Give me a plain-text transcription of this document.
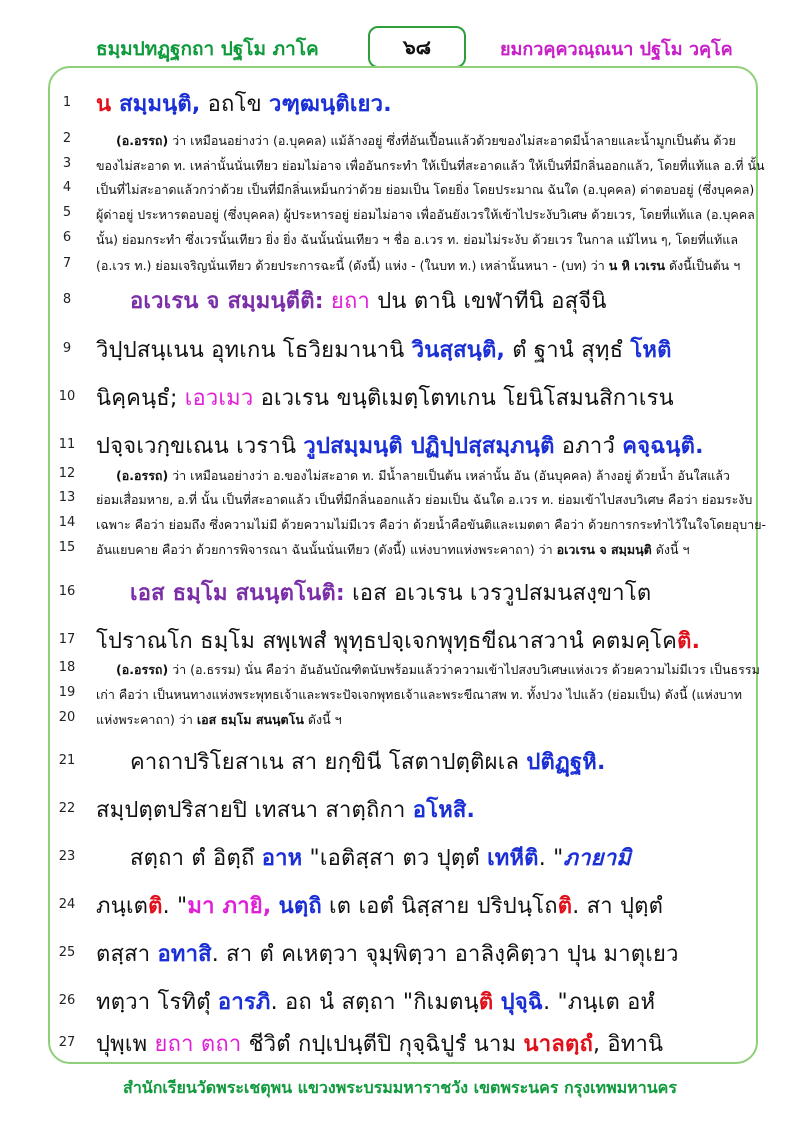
ธมฺมปทฏฺฐกถา ปฐโม ภาโค	๖๘	ยมกวคฺควณฺณนา ปฐโม วคฺโค
1
2
3
4
5
6
7
8
9
10
11
12
13
14
15
16
17
18
19
20
21
22
23
24
25
26
27
น สมฺมนฺติ, อถโข วฑฺฒนฺติเยว.
(อ.อรรถ) ว่า เหมือนอย่างว่า (อ.บุคคล) แม้ล้างอยู่ ซึ่งที่อันเปื้อนแล้วด้วยของไม่สะอาดมีน้ำลายและน้ำมูกเป็นต้น ด้วย
ของไม่สะอาด ท. เหล่านั้นนั่นเทียว ย่อมไม่อาจ เพื่ออันกระทำ ให้เป็นที่สะอาดแล้ว ให้เป็นที่มีกลิ่นออกแล้ว, โดยที่แท้แล อ.ที่ นั้น
เป็นที่ไม่สะอาดแล้วกว่าด้วย เป็นที่มีกลิ่นเหม็นกว่าด้วย ย่อมเป็น โดยยิ่ง โดยประมาณ ฉันใด (อ.บุคคล) ด่าตอบอยู่ (ซึ่งบุคคล)
ผู้ด่าอยู่ ประหารตอบอยู่ (ซึ่งบุคคล) ผู้ประหารอยู่ ย่อมไม่อาจ เพื่ออันยังเวรให้เข้าไประงับวิเศษ ด้วยเวร, โดยที่แท้แล (อ.บุคคล
นั้น) ย่อมกระทำ ซึ่งเวรนั้นเทียว ยิ่ง ยิ่ง ฉันนั้นนั่นเทียว ฯ ชื่อ อ.เวร ท. ย่อมไม่ระงับ ด้วยเวร ในกาล แม้ไหน ๆ, โดยที่แท้แล
(อ.เวร ท.) ย่อมเจริญนั่นเทียว ด้วยประการฉะนี้ (ดังนี้) แห่ง - (ในบท ท.) เหล่านั้นหนา - (บท) ว่า น หิ เวเรน ดังนี้เป็นต้น ฯ
อเวเรน จ สมฺมนฺตีติ: ยถา ปน ตานิ เขฬาทีนิ อสุจีนิ
วิปฺปสนฺเนน อุทเกน โธวิยมานานิ วินสฺสนฺติ, ตํ ฐานํ สุทฺธํ โหติ
นิคฺคนฺธํ; เอวเมว อเวเรน ขนฺติเมตฺโตทเกน โยนิโสมนสิกาเรน
ปจฺจเวกฺขเณน เวรานิ วูปสมฺมนฺติ ปฏิปฺปสฺสมฺภนฺติ อภาวํ คจฺฉนฺติ.
(อ.อรรถ) ว่า เหมือนอย่างว่า อ.ของไม่สะอาด ท. มีน้ำลายเป็นต้น เหล่านั้น อัน (อันบุคคล) ล้างอยู่ ด้วยน้ำ อันใสแล้ว
ย่อมเสื่อมหาย, อ.ที่ นั้น เป็นที่สะอาดแล้ว เป็นที่มีกลิ่นออกแล้ว ย่อมเป็น ฉันใด อ.เวร ท. ย่อมเข้าไปสงบวิเศษ คือว่า ย่อมระงับ
เฉพาะ คือว่า ย่อมถึง ซึ่งความไม่มี ด้วยความไม่มีเวร คือว่า ด้วยน้ำคือขันติและเมตตา คือว่า ด้วยการกระทำไว้ในใจโดยอุบาย-
อันแยบคาย คือว่า ด้วยการพิจารณา ฉันนั้นนั่นเทียว (ดังนี้) แห่งบาทแห่งพระคาถา) ว่า อเวเรน จ สมฺมนฺติ ดังนี้ ฯ
เอส ธมฺโม สนนฺตโนติ: เอส อเวเรน เวรวูปสมนสงฺขาโต
โปราณโก ธมฺโม สพฺเพสํ พุทฺธปจฺเจกพุทฺธขีณาสวานํ คตมคฺโคติ.
(อ.อรรถ) ว่า (อ.ธรรม) นั่น คือว่า อันอันบัณฑิตนับพร้อมแล้วว่าความเข้าไปสงบวิเศษแห่งเวร ด้วยความไม่มีเวร เป็นธรรม
เก่า คือว่า เป็นหนทางแห่งพระพุทธเจ้าและพระปัจเจกพุทธเจ้าและพระขีณาสพ ท. ทั้งปวง ไปแล้ว (ย่อมเป็น) ดังนี้ (แห่งบาท
แห่งพระคาถา) ว่า เอส ธมฺโม สนนฺตโน ดังนี้ ฯ
คาถาปริโยสาเน สา ยกฺขินี โสตาปตฺติผเล ปติฏฺฐหิ.
สมฺปตฺตปริสายปิ เทสนา สาตฺถิกา อโหสิ.
สตฺถา ตํ อิตฺถึ อาห "เอติสฺสา ตว ปุตฺตํ เทหีติ. "ภายามิ
ภนฺเตติ. "มา ภายิ, นตฺถิ เต เอตํ นิสฺสาย ปริปนฺโถติ. สา ปุตฺตํ
ตสฺสา อทาสิ. สา ตํ คเหตฺวา จุมฺพิตฺวา อาลิงฺคิตฺวา ปุน มาตุเยว
ทตฺวา โรทิตุํ อารภิ. อถ นํ สตฺถา "กิเมตนฺติ ปุจฺฉิ. "ภนฺเต อหํ
ปุพฺเพ ยถา ตถา ชีวิตํ กปฺเปนฺตีปิ กุจฺฉิปูรํ นาม นาลตฺถํ, อิทานิ
สำนักเรียนวัดพระเชตุพน แขวงพระบรมมหาราชวัง เขตพระนคร กรุงเทพมหานคร
